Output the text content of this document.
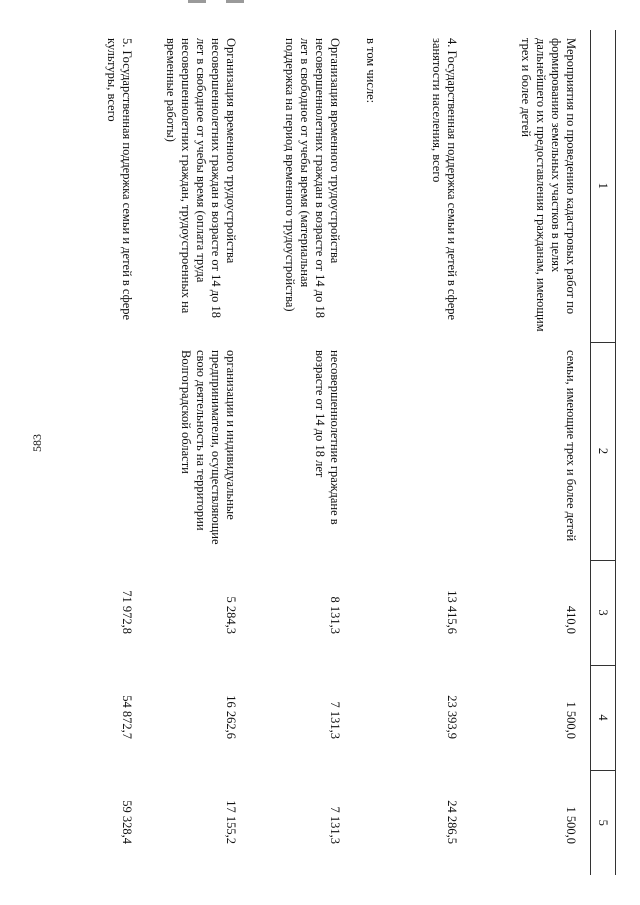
583
1	2	3	4	5
Мероприятия по проведению кадастровых работ по формированию земельных участков в целях дальнейшего их предоставления гражданам, имеющим трех и более детей	семьи, имеющие трех и более детей	410,0	1 500,0	1 500,0

4. Государственная поддержка семьи и детей в сфере занятости населения, всего		13 415,6	23 393,9	24 286,5

в том числе:		

Организация временного трудоустройства несовершеннолетних граждан в возрасте от 14 до 18 лет в свободное от учебы время (материальная поддержка на период временного трудоустройства)	несовершеннолетние граждане в возрасте от 14 до 18 лет	8 131,3	7 131,3	7 131,3

Организация временного трудоустройства несовершеннолетних граждан в возрасте от 14 до 18 лет в свободное от учебы время (оплата труда несовершеннолетних граждан, трудоустроенных на временные работы)	организации и индивидуальные предприниматели, осуществляющие свою деятельность на территории Волгоградской области	5 284,3	16 262,6	17 155,2

5. Государственная поддержка семьи и детей в сфере культуры, всего		71 972,8	54 872,7	59 328,4
